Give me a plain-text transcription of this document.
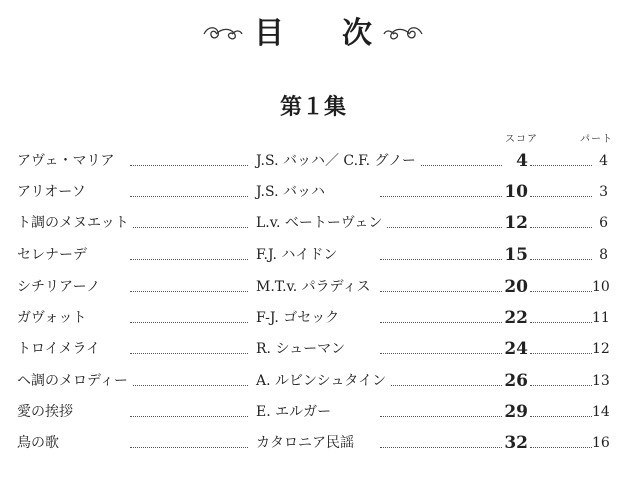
目　次
第１集
スコア	パート
アヴェ・マリア	J.S. バッハ／ C.F. グノー	4	4
アリオーソ	J.S. バッハ	10	3
ト調のメヌエット	L.v. ベートーヴェン	12	6
セレナーデ	F.J. ハイドン	15	8
シチリアーノ	M.T.v. パラディス	20	10
ガヴォット	F-J. ゴセック	22	11
トロイメライ	R. シューマン	24	12
ヘ調のメロディー	A. ルビンシュタイン	26	13
愛の挨拶	E. エルガー	29	14
鳥の歌	カタロニア民謡	32	16
